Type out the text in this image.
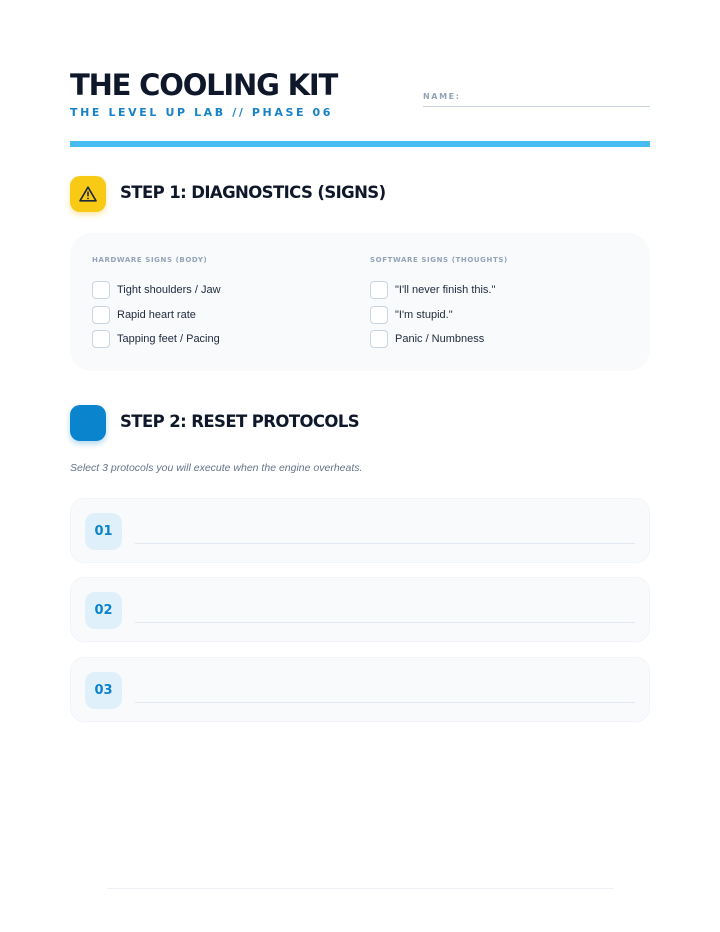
THE COOLING KIT
THE LEVEL UP LAB // PHASE 06
NAME:
STEP 1: DIAGNOSTICS (SIGNS)
HARDWARE SIGNS (BODY)	SOFTWARE SIGNS (THOUGHTS)
Tight shoulders / Jaw
Rapid heart rate
Tapping feet / Pacing
"I'll never finish this."
"I'm stupid."
Panic / Numbness
STEP 2: RESET PROTOCOLS
Select 3 protocols you will execute when the engine overheats.
01
02
03
